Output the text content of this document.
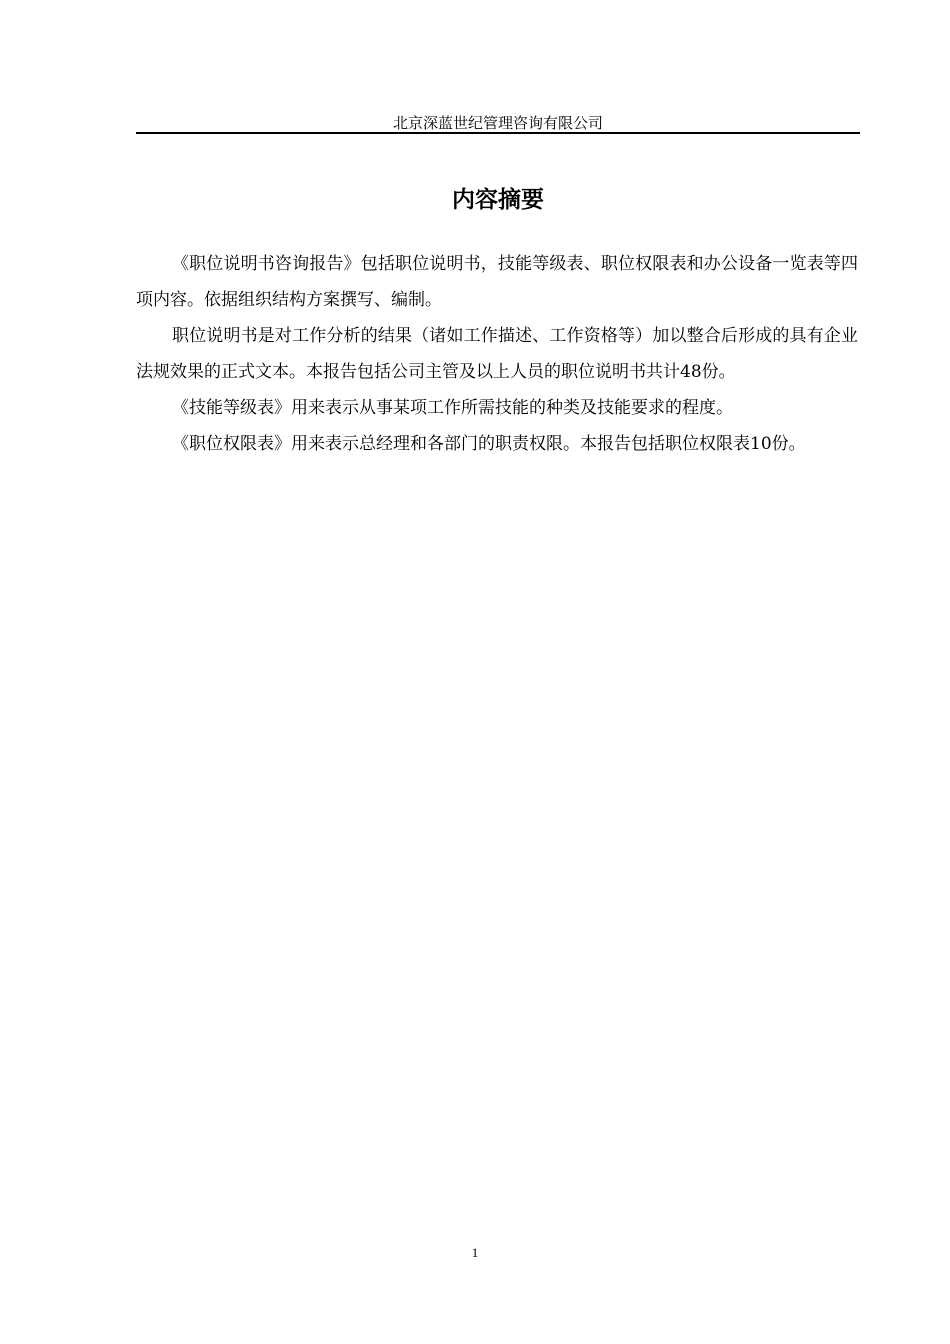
北京深蓝世纪管理咨询有限公司
内容摘要

《职位说明书咨询报告》包括职位说明书，技能等级表、职位权限表和办公设备一览表等四项内容。依据组织结构方案撰写、编制。

职位说明书是对工作分析的结果（诸如工作描述、工作资格等）加以整合后形成的具有企业法规效果的正式文本。本报告包括公司主管及以上人员的职位说明书共计48份。

《技能等级表》用来表示从事某项工作所需技能的种类及技能要求的程度。

《职位权限表》用来表示总经理和各部门的职责权限。本报告包括职位权限表10份。

1
